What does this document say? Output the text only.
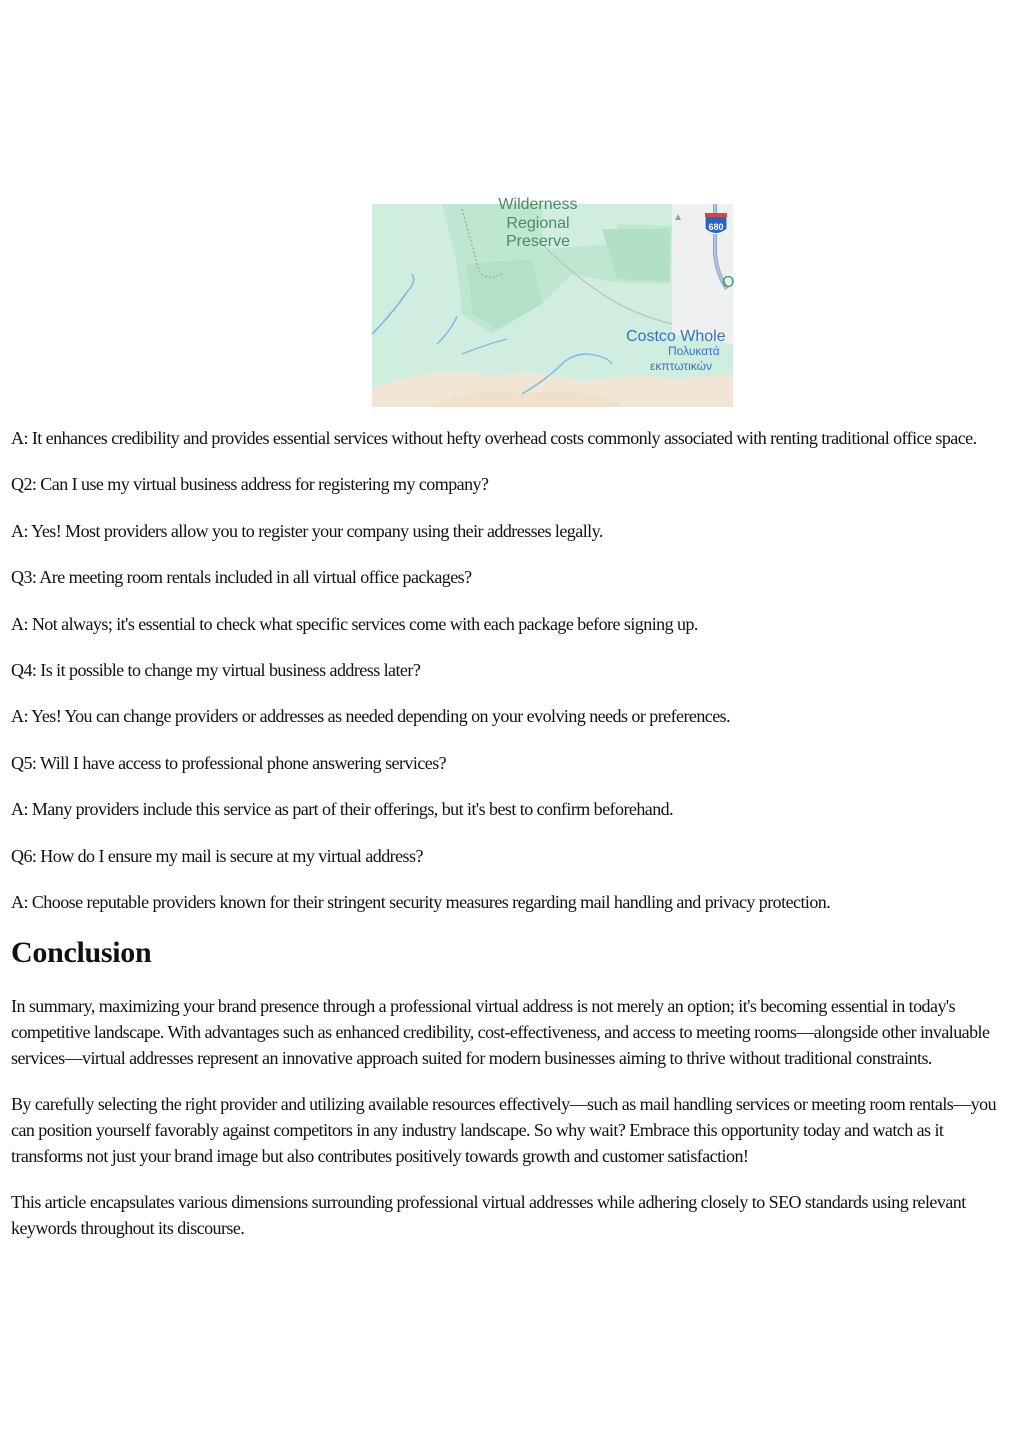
680
Wilderness
Regional
Preserve
O
Costco Whole
Πολυκατά
εκπτωτικών

A: It enhances credibility and provides essential services without hefty overhead costs commonly associated with renting traditional office space.

Q2: Can I use my virtual business address for registering my company?

A: Yes! Most providers allow you to register your company using their addresses legally.

Q3: Are meeting room rentals included in all virtual office packages?

A: Not always; it's essential to check what specific services come with each package before signing up.

Q4: Is it possible to change my virtual business address later?

A: Yes! You can change providers or addresses as needed depending on your evolving needs or preferences.

Q5: Will I have access to professional phone answering services?

A: Many providers include this service as part of their offerings, but it's best to confirm beforehand.

Q6: How do I ensure my mail is secure at my virtual address?

A: Choose reputable providers known for their stringent security measures regarding mail handling and privacy protection.

Conclusion

In summary, maximizing your brand presence through a professional virtual address is not merely an option; it's becoming essential in today's competitive landscape. With advantages such as enhanced credibility, cost-effectiveness, and access to meeting rooms—alongside other invaluable services—virtual addresses represent an innovative approach suited for modern businesses aiming to thrive without traditional constraints.

By carefully selecting the right provider and utilizing available resources effectively—such as mail handling services or meeting room rentals—you can position yourself favorably against competitors in any industry landscape. So why wait? Embrace this opportunity today and watch as it transforms not just your brand image but also contributes positively towards growth and customer satisfaction!

This article encapsulates various dimensions surrounding professional virtual addresses while adhering closely to SEO standards using relevant keywords throughout its discourse.
